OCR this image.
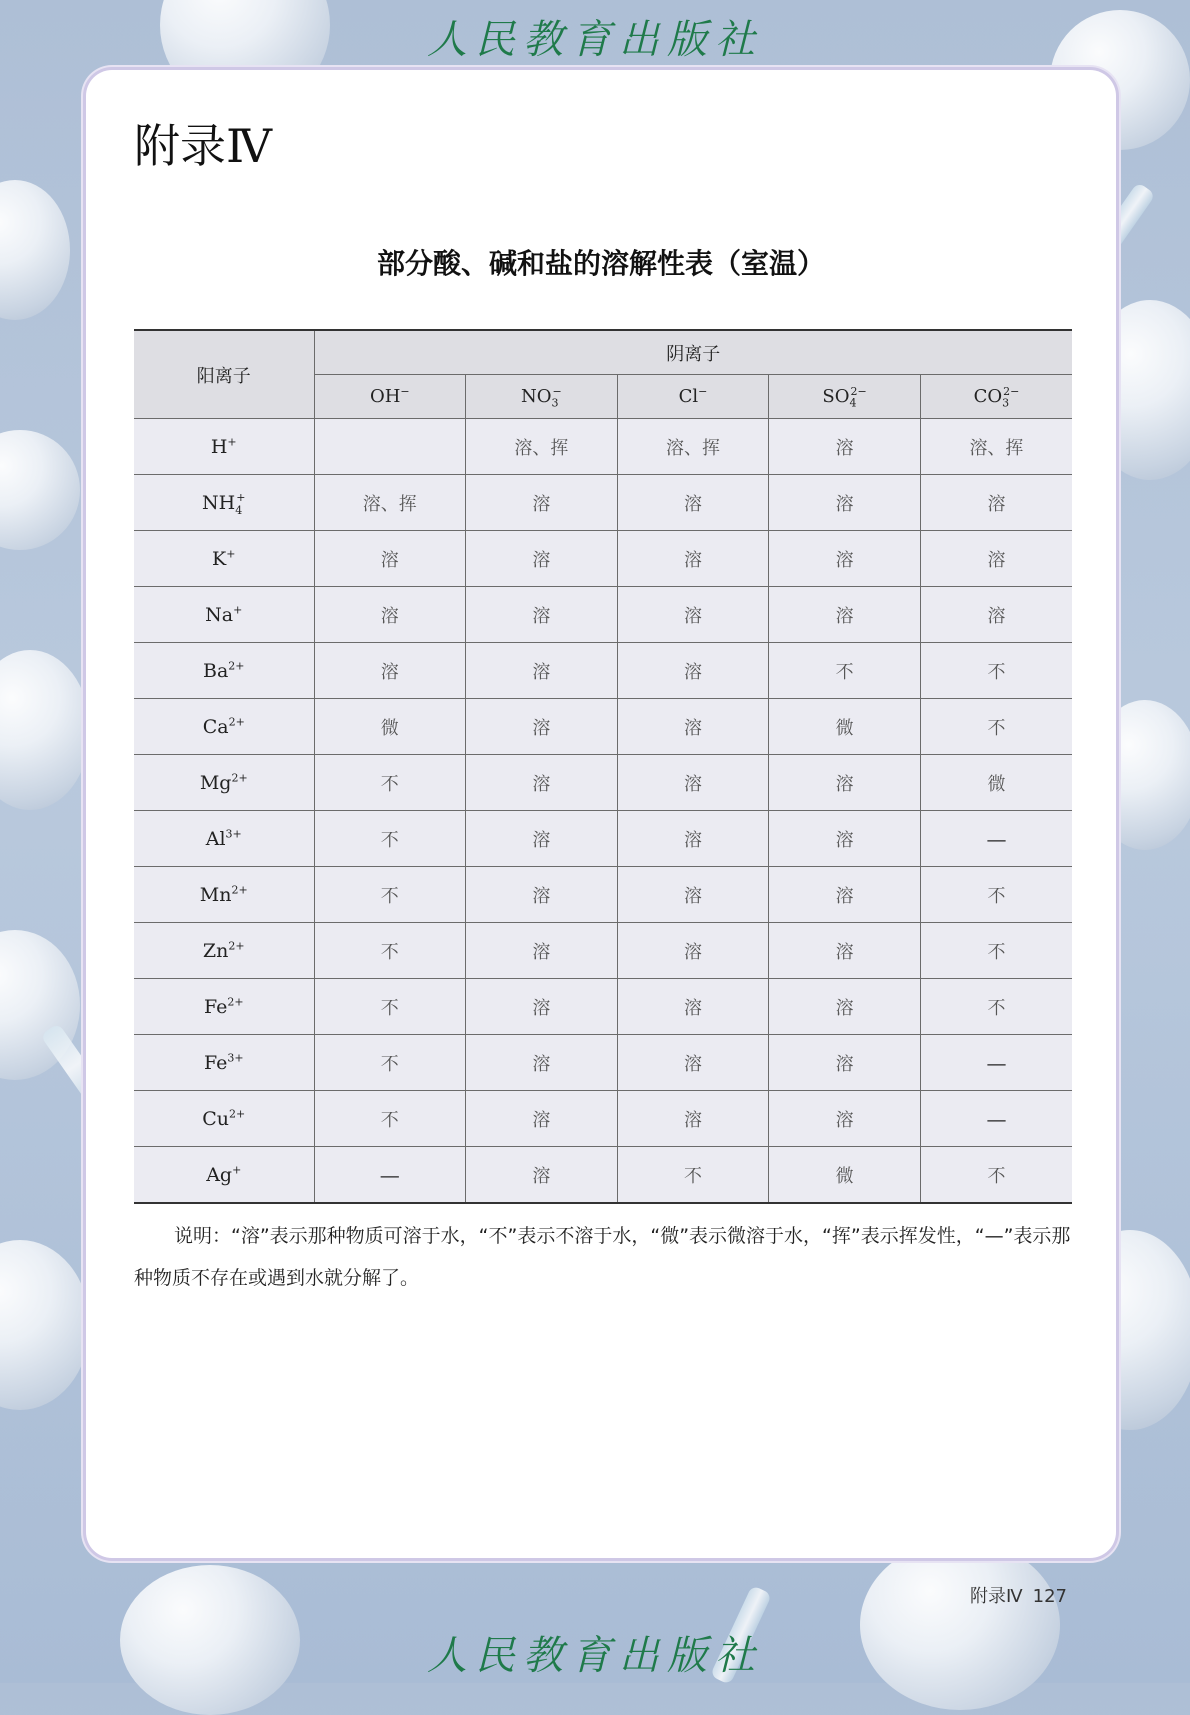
人民教育出版社
附录Ⅳ
部分酸、碱和盐的溶解性表（室温）
阳离子	阴离子				
	OH−	$NO_3^-$	Cl−	$SO_4^{2-}$	$CO_3^{2-}$
H+		溶、挥	溶、挥	溶	溶、挥
$NH_4^+$	溶、挥	溶	溶	溶	溶
K+	溶	溶	溶	溶	溶
Na+	溶	溶	溶	溶	溶
$Ba^{2+}$	溶	溶	溶	不	不
$Ca^{2+}$	微	溶	溶	微	不
$Mg^{2+}$	不	溶	溶	溶	微
$Al^{3+}$	不	溶	溶	溶	—
$Mn^{2+}$	不	溶	溶	溶	不
$Zn^{2+}$	不	溶	溶	溶	不
$Fe^{2+}$	不	溶	溶	溶	不
$Fe^{3+}$	不	溶	溶	溶	—
$Cu^{2+}$	不	溶	溶	溶	—
Ag+	—	溶	不	微	不

说明：“溶”表示那种物质可溶于水，“不”表示不溶于水，“微”表示微溶于水，“挥”表示挥发性，“—”表示那种物质不存在或遇到水就分解了。

附录Ⅳ 127
人民教育出版社
